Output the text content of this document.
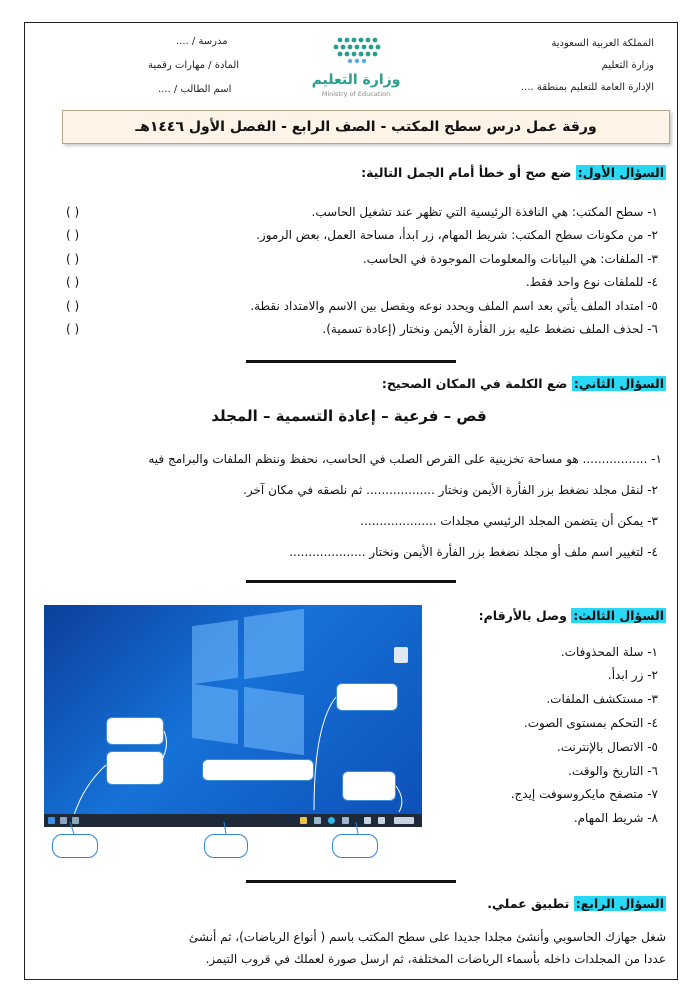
المملكة العربية السعودية
وزارة التعليم
الإدارة العامة للتعليم بمنطقة ....
مدرسة / ....
المادة / مهارات رقمية
اسم الطالب / ....
وزارة التعليم
Ministry of Education
ورقة عمل درس سطح المكتب - الصف الرابع - الفصل الأول ١٤٤٦هـ
السؤال الأول: ضع صح أو خطأ أمام الجمل التالية:
١- سطح المكتب: هي النافذة الرئيسية التي تظهر عند تشغيل الحاسب.
٢- من مكونات سطح المكتب: شريط المهام، زر ابدأ، مساحة العمل، بعض الرموز.
٣- الملفات: هي البيانات والمعلومات الموجودة في الحاسب.
٤- للملفات نوع واحد فقط.
٥- امتداد الملف يأتي بعد اسم الملف ويحدد نوعه ويفصل بين الاسم والامتداد نقطة.
٦- لحذف الملف نضغط عليه بزر الفأرة الأيمن ونختار (إعادة تسمية).
( )
( )
( )
( )
( )
( )
السؤال الثاني: ضع الكلمة في المكان الصحيح:
قص – فرعية – إعادة التسمية – المجلد
١- ................. هو مساحة تخزينية على القرص الصلب في الحاسب، نحفظ وننظم الملفات والبرامج فيه
٢- لنقل مجلد نضغط بزر الفأرة الأيمن ونختار .................. ثم نلصقه في مكان آخر.
٣- يمكن أن يتضمن المجلد الرئيسي مجلدات ....................
٤- لتغيير اسم ملف أو مجلد نضغط بزر الفأرة الأيمن ونختار ....................
السؤال الثالث: وصل بالأرقام:
١- سلة المحذوفات.
٢- زر ابدأ.
٣- مستكشف الملفات.
٤- التحكم بمستوى الصوت.
٥- الاتصال بالإنترنت.
٦- التاريخ والوقت.
٧- متصفح مايكروسوفت إيدج.
٨- شريط المهام.
السؤال الرابع: تطبيق عملي.
شغل جهازك الحاسوبي وأنشئ مجلدا جديدا على سطح المكتب باسم ( أنواع الرياضات)، ثم أنشئ
عددا من المجلدات داخله بأسماء الرياضات المختلفة، ثم ارسل صورة لعملك في قروب التيمز.
